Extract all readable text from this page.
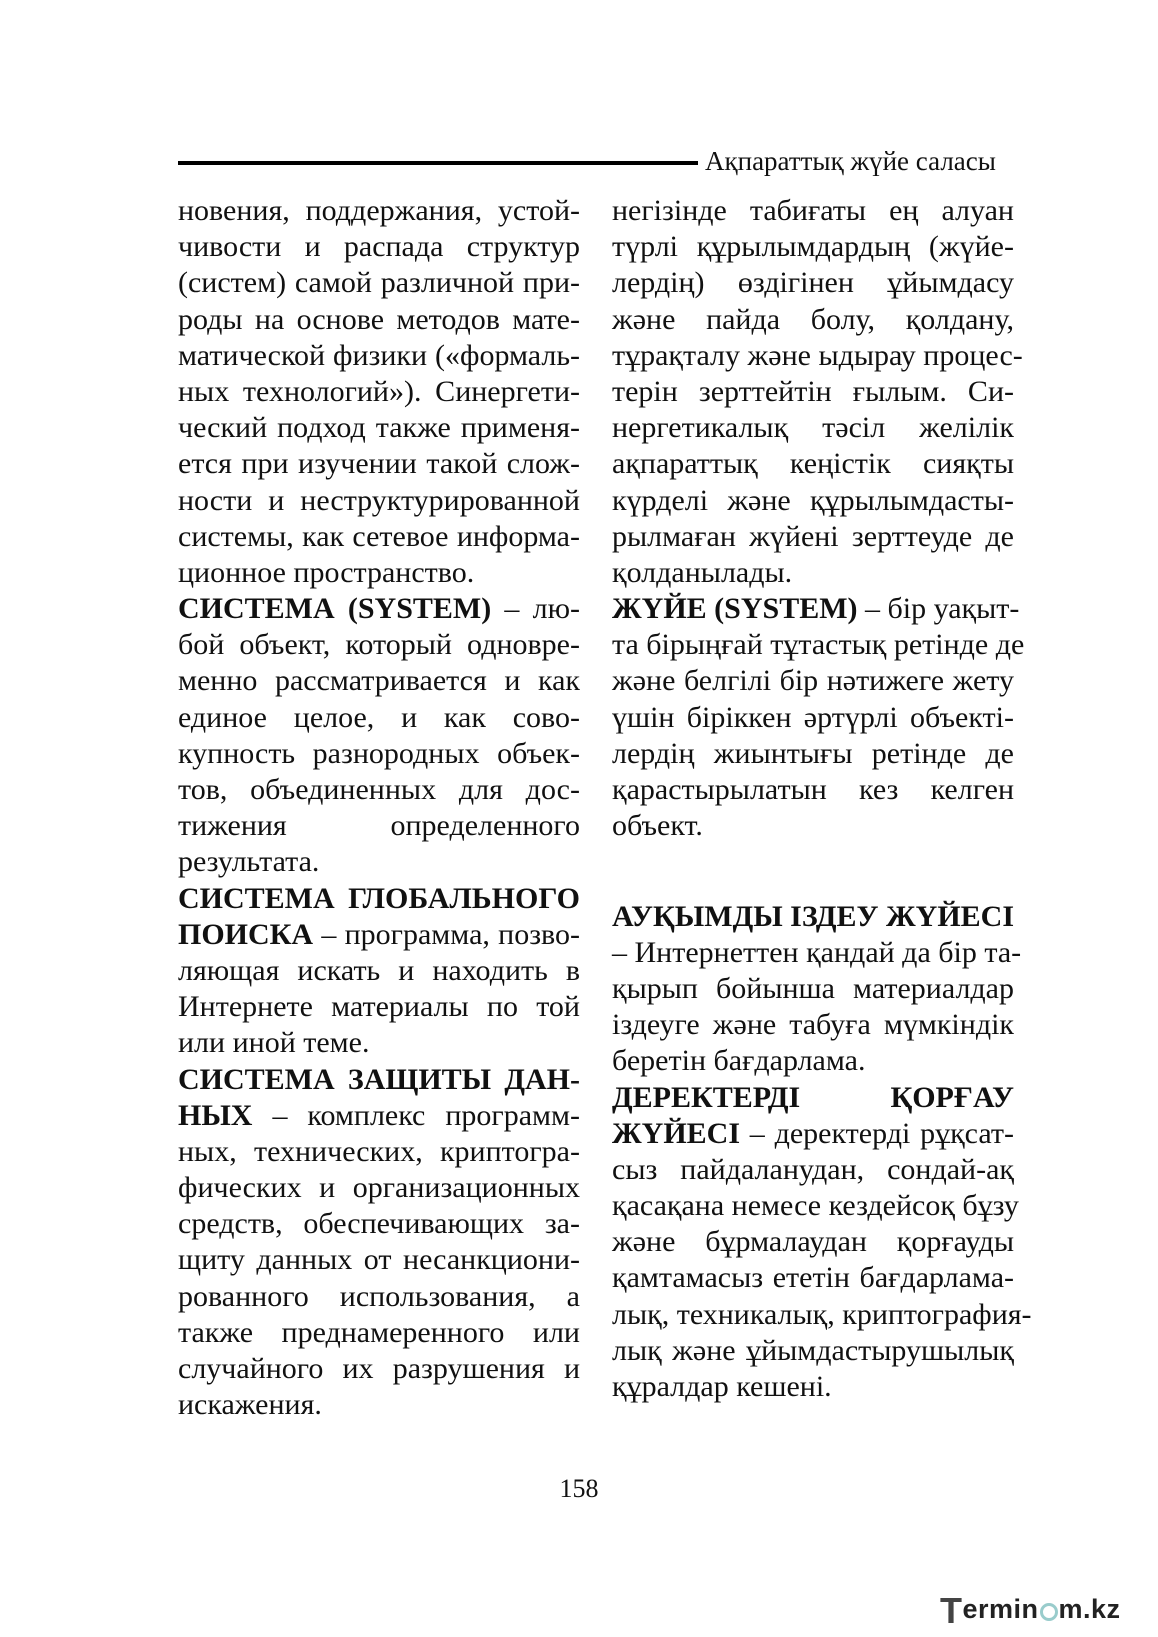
Ақпараттық жүйе саласы
новения, поддержания, устой-
чивости и распада структур
(систем) самой различной при-
роды на основе методов мате-
матической физики («формаль-
ных технологий»). Синергети-
ческий подход также применя-
ется при изучении такой слож-
ности и неструктурированной
системы, как сетевое информа-
ционное пространство.
СИСТЕМА (SYSTEM) – лю-
бой объект, который одновре-
менно рассматривается и как
единое целое, и как сово-
купность разнородных объек-
тов, объединенных для дос-
тижения определенного
результата.
СИСТЕМА ГЛОБАЛЬНОГО
ПОИСКА – программа, позво-
ляющая искать и находить в
Интернете материалы по той
или иной теме.
СИСТЕМА ЗАЩИТЫ ДАН-
НЫХ – комплекс программ-
ных, технических, криптогра-
фических и организационных
средств, обеспечивающих за-
щиту данных от несанкциони-
рованного использования, а
также преднамеренного или
случайного их разрушения и
искажения.
негізінде табиғаты ең алуан
түрлі құрылымдардың (жүйе-
лердің) өздігінен ұйымдасу
және пайда болу, қолдану,
тұрақталу және ыдырау процес-
терін зерттейтін ғылым. Си-
нергетикалық тәсіл желілік
ақпараттық кеңістік сияқты
күрделі және құрылымдасты-
рылмаған жүйені зерттеуде де
қолданылады.
ЖҮЙЕ (SYSTEM) – бір уақыт-
та бірыңғай тұтастық ретінде де
және белгілі бір нәтижеге жету
үшін біріккен әртүрлі объекті-
лердің жиынтығы ретінде де
қарастырылатын кез келген
объект.
АУҚЫМДЫ ІЗДЕУ ЖҮЙЕСІ
– Интернеттен қандай да бір та-
қырып бойынша материалдар
іздеуге және табуға мүмкіндік
беретін бағдарлама.
ДЕРЕКТЕРДІ ҚОРҒАУ
ЖҮЙЕСІ – деректерді рұқсат-
сыз пайдаланудан, сондай-ақ
қасақана немесе кездейсоқ бұзу
және бұрмалаудан қорғауды
қамтамасыз ететін бағдарлама-
лық, техникалық, криптография-
лық және ұйымдастырушылық
құралдар кешені.
158
T ermin m.kz
